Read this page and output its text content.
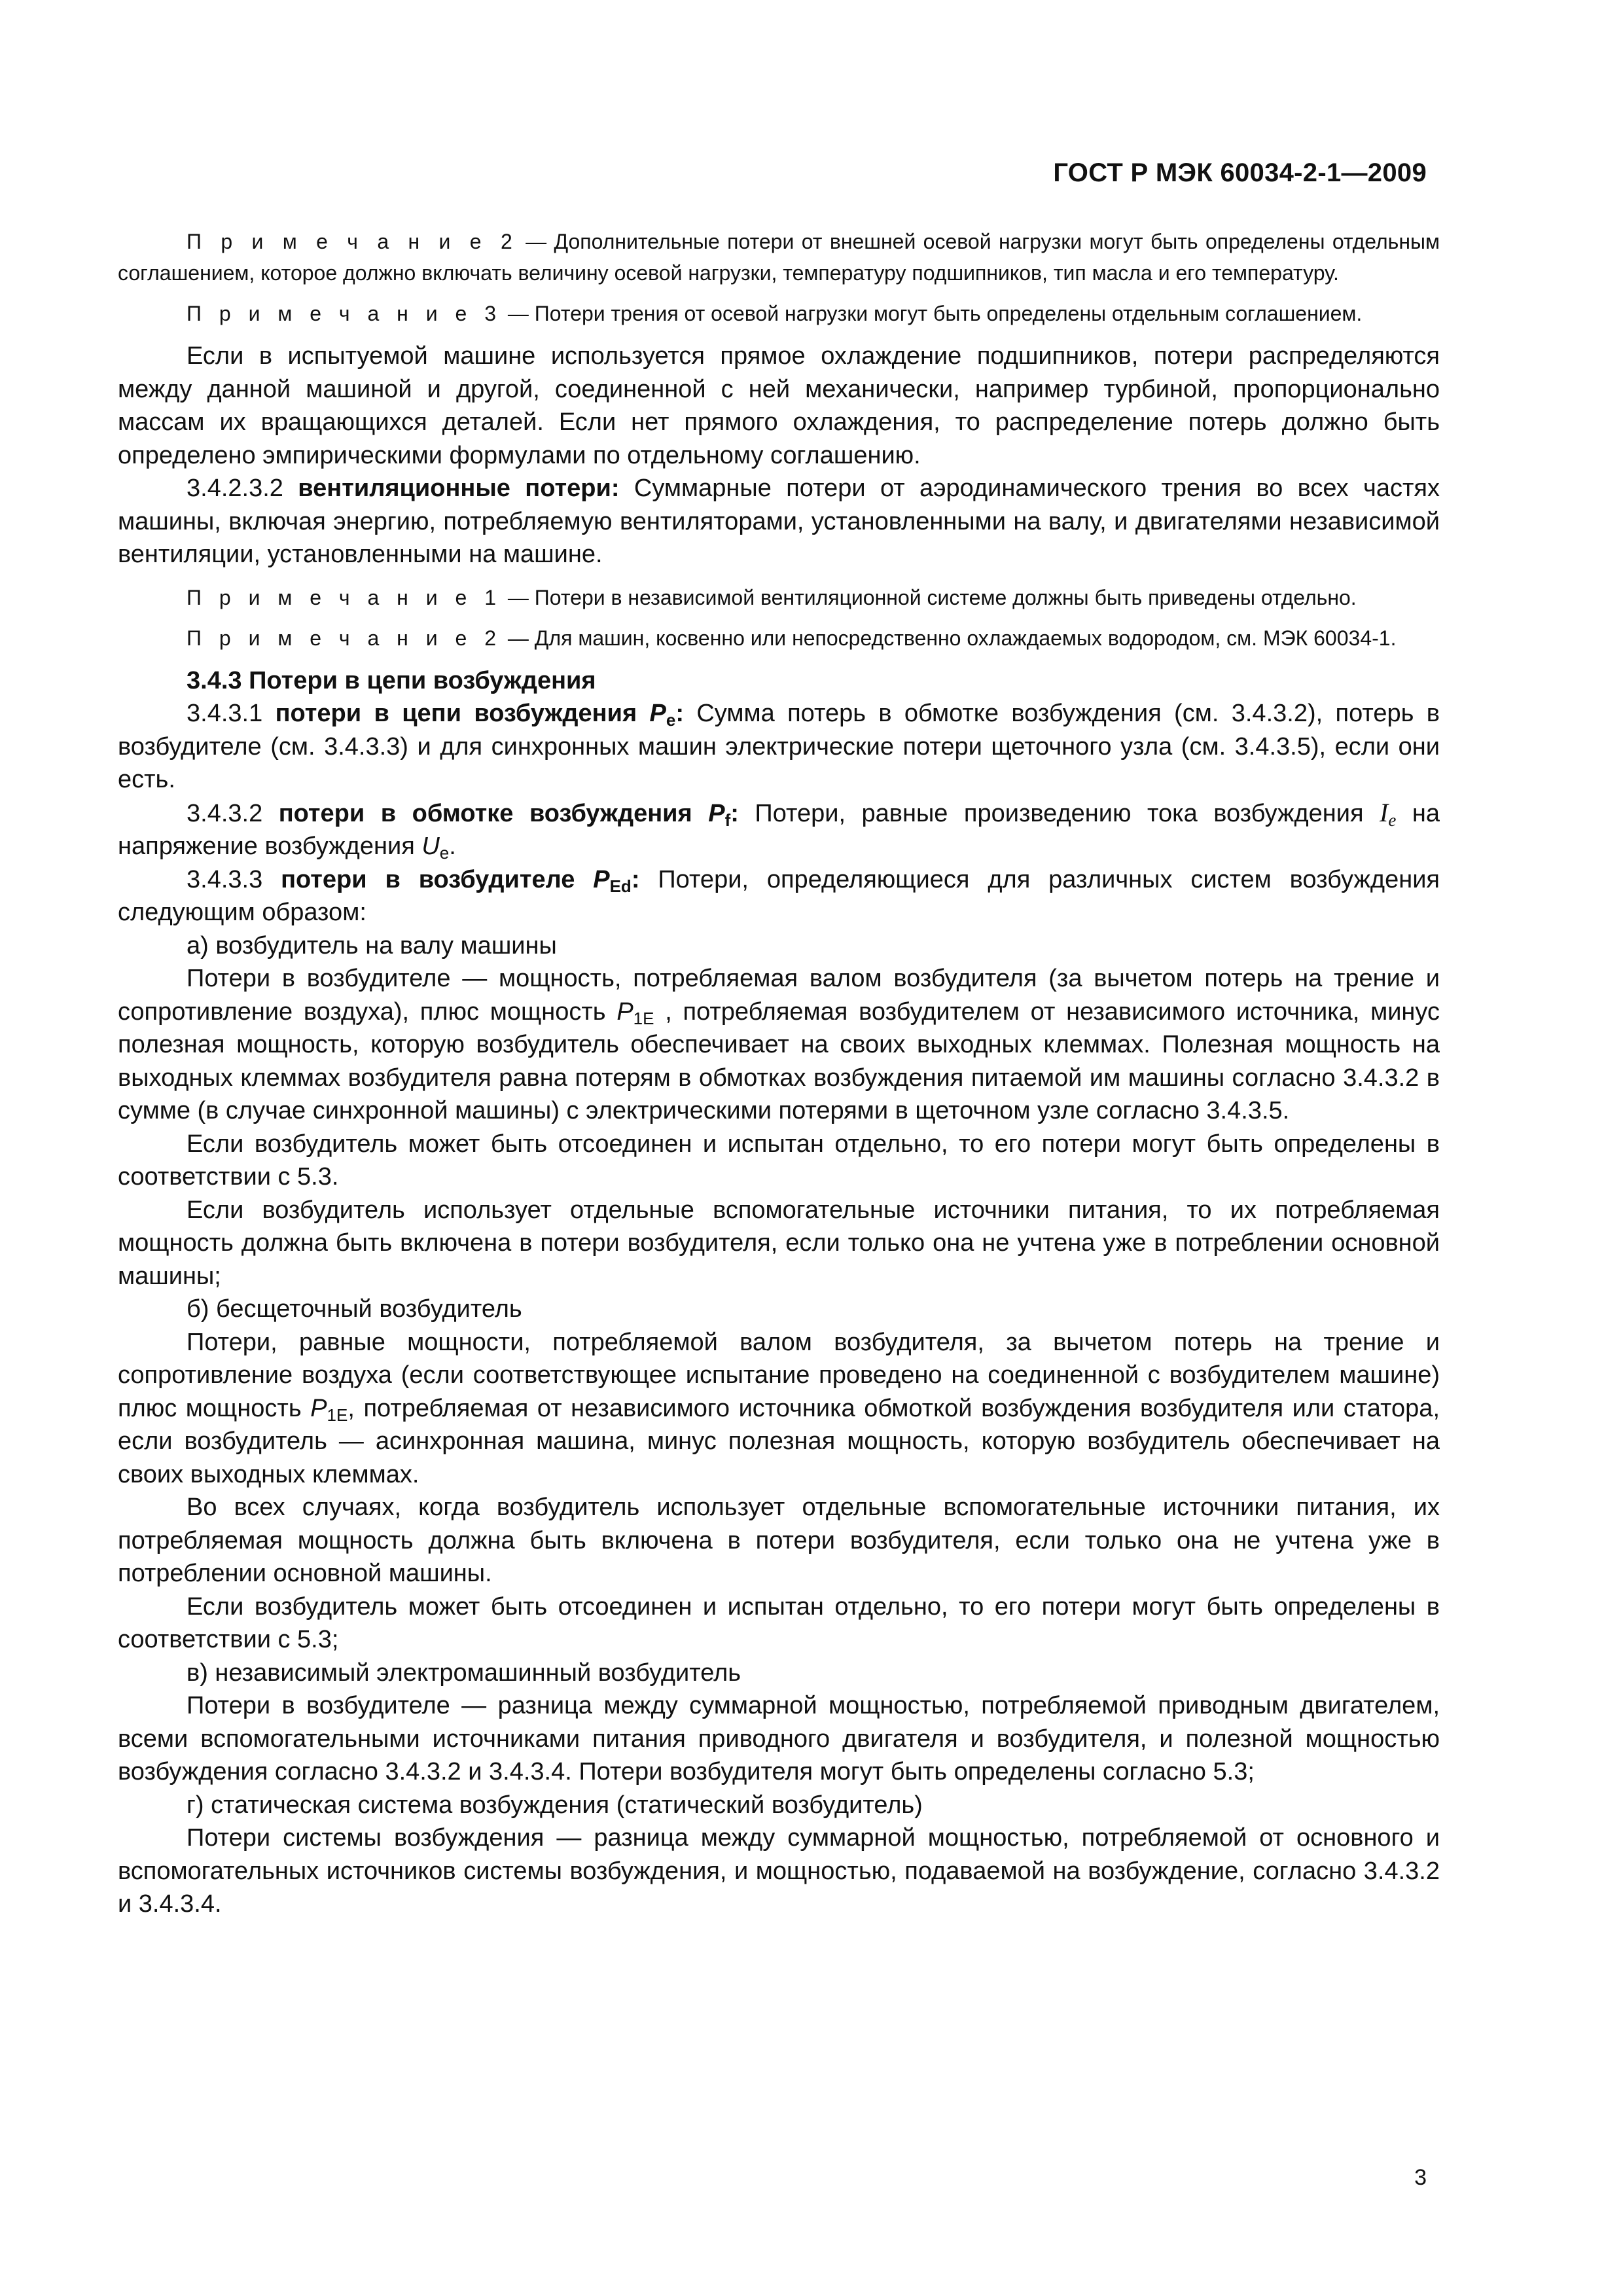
ГОСТ Р МЭК 60034-2-1—2009

П р и м е ч а н и е 2 — Дополнительные потери от внешней осевой нагрузки могут быть определены отдельным соглашением, которое должно включать величину осевой нагрузки, температуру подшипников, тип масла и его температуру.

П р и м е ч а н и е 3 — Потери трения от осевой нагрузки могут быть определены отдельным соглашением.

Если в испытуемой машине используется прямое охлаждение подшипников, потери распределяются между данной машиной и другой, соединенной с ней механически, например турбиной, пропорционально массам их вращающихся деталей. Если нет прямого охлаждения, то распределение потерь должно быть определено эмпирическими формулами по отдельному соглашению.

3.4.2.3.2 вентиляционные потери: Суммарные потери от аэродинамического трения во всех частях машины, включая энергию, потребляемую вентиляторами, установленными на валу, и двигателями независимой вентиляции, установленными на машине.

П р и м е ч а н и е 1 — Потери в независимой вентиляционной системе должны быть приведены отдельно.

П р и м е ч а н и е 2 — Для машин, косвенно или непосредственно охлаждаемых водородом, см. МЭК 60034-1.

3.4.3 Потери в цепи возбуждения

3.4.3.1 потери в цепи возбуждения $P_e$: Сумма потерь в обмотке возбуждения (см. 3.4.3.2), потерь в возбудителе (см. 3.4.3.3) и для синхронных машин электрические потери щеточного узла (см. 3.4.3.5), если они есть.

3.4.3.2 потери в обмотке возбуждения $P_f$: Потери, равные произведению тока возбуждения $I_e$ на напряжение возбуждения $U_e$.

3.4.3.3 потери в возбудителе $P_{Ed}$: Потери, определяющиеся для различных систем возбуждения следующим образом:

а) возбудитель на валу машины

Потери в возбудителе — мощность, потребляемая валом возбудителя (за вычетом потерь на трение и сопротивление воздуха), плюс мощность $P_{1E}$ , потребляемая возбудителем от независимого источника, минус полезная мощность, которую возбудитель обеспечивает на своих выходных клеммах. Полезная мощность на выходных клеммах возбудителя равна потерям в обмотках возбуждения питаемой им машины согласно 3.4.3.2 в сумме (в случае синхронной машины) с электрическими потерями в щеточном узле согласно 3.4.3.5.

Если возбудитель может быть отсоединен и испытан отдельно, то его потери могут быть определены в соответствии с 5.3.

Если возбудитель использует отдельные вспомогательные источники питания, то их потребляемая мощность должна быть включена в потери возбудителя, если только она не учтена уже в потреблении основной машины;

б) бесщеточный возбудитель

Потери, равные мощности, потребляемой валом возбудителя, за вычетом потерь на трение и сопротивление воздуха (если соответствующее испытание проведено на соединенной с возбудителем машине) плюс мощность $P_{1E}$, потребляемая от независимого источника обмоткой возбуждения возбудителя или статора, если возбудитель — асинхронная машина, минус полезная мощность, которую возбудитель обеспечивает на своих выходных клеммах.

Во всех случаях, когда возбудитель использует отдельные вспомогательные источники питания, их потребляемая мощность должна быть включена в потери возбудителя, если только она не учтена уже в потреблении основной машины.

Если возбудитель может быть отсоединен и испытан отдельно, то его потери могут быть определены в соответствии с 5.3;

в) независимый электромашинный возбудитель

Потери в возбудителе — разница между суммарной мощностью, потребляемой приводным двигателем, всеми вспомогательными источниками питания приводного двигателя и возбудителя, и полезной мощностью возбуждения согласно 3.4.3.2 и 3.4.3.4. Потери возбудителя могут быть определены согласно 5.3;

г) статическая система возбуждения (статический возбудитель)

Потери системы возбуждения — разница между суммарной мощностью, потребляемой от основного и вспомогательных источников системы возбуждения, и мощностью, подаваемой на возбуждение, согласно 3.4.3.2 и 3.4.3.4.

3
